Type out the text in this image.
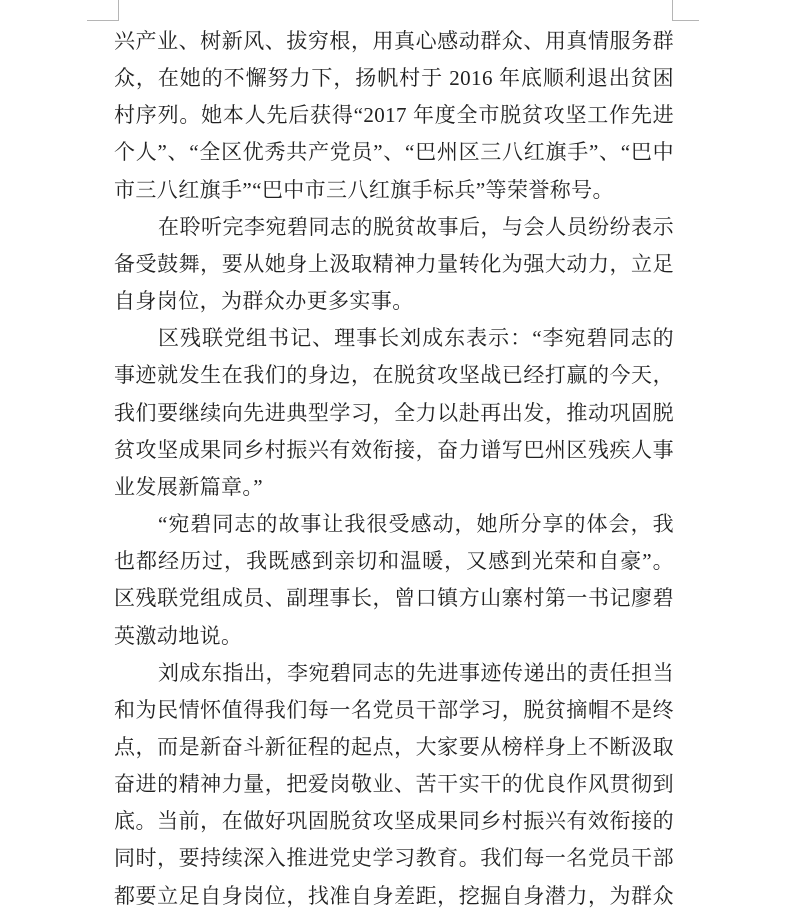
兴产业、树新风、拔穷根，用真心感动群众、用真情服务群
众，在她的不懈努力下，扬帆村于 2016 年底顺利退出贫困
村序列。她本人先后获得“2017 年度全市脱贫攻坚工作先进
个人”、“全区优秀共产党员”、“巴州区三八红旗手”、“巴中
市三八红旗手”“巴中市三八红旗手标兵”等荣誉称号。
在聆听完李宛碧同志的脱贫故事后，与会人员纷纷表示
备受鼓舞，要从她身上汲取精神力量转化为强大动力，立足
自身岗位，为群众办更多实事。
区残联党组书记、理事长刘成东表示：“李宛碧同志的
事迹就发生在我们的身边，在脱贫攻坚战已经打赢的今天，
我们要继续向先进典型学习，全力以赴再出发，推动巩固脱
贫攻坚成果同乡村振兴有效衔接，奋力谱写巴州区残疾人事
业发展新篇章。”
“宛碧同志的故事让我很受感动，她所分享的体会，我
也都经历过，我既感到亲切和温暖，又感到光荣和自豪”。
区残联党组成员、副理事长，曾口镇方山寨村第一书记廖碧
英激动地说。
刘成东指出，李宛碧同志的先进事迹传递出的责任担当
和为民情怀值得我们每一名党员干部学习，脱贫摘帽不是终
点，而是新奋斗新征程的起点，大家要从榜样身上不断汲取
奋进的精神力量，把爱岗敬业、苦干实干的优良作风贯彻到
底。当前，在做好巩固脱贫攻坚成果同乡村振兴有效衔接的
同时，要持续深入推进党史学习教育。我们每一名党员干部
都要立足自身岗位，找准自身差距，挖掘自身潜力，为群众
